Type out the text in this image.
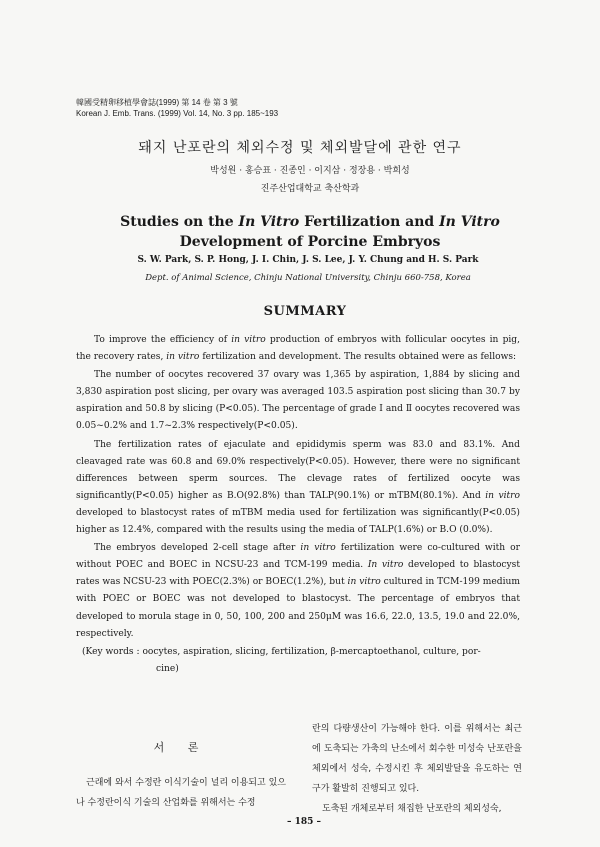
韓國受精卵移植學會誌(1999) 第 14 卷 第 3 號
Korean J. Emb. Trans. (1999) Vol. 14, No. 3 pp. 185~193
돼지 난포란의 체외수정 및 체외발달에 관한 연구
박성원 · 홍승표 · 진종인 · 이지삼 · 정장용 · 박희성
진주산업대학교 축산학과
Studies on the In Vitro Fertilization and In Vitro
Development of Porcine Embryos
S. W. Park, S. P. Hong, J. I. Chin, J. S. Lee, J. Y. Chung and H. S. Park
Dept. of Animal Science, Chinju National University, Chinju 660-758, Korea
SUMMARY

To improve the efficiency of in vitro production of embryos with follicular oocytes in pig, the recovery rates, in vitro fertilization and development. The results obtained were as fellows:

The number of oocytes recovered 37 ovary was 1,365 by aspiration, 1,884 by slicing and 3,830 aspiration post slicing, per ovary was averaged 103.5 aspiration post slicing than 30.7 by aspiration and 50.8 by slicing (P<0.05). The percentage of grade Ⅰ and Ⅱ oocytes recovered was 0.05~0.2% and 1.7~2.3% respectively(P<0.05).

The fertilization rates of ejaculate and epididymis sperm was 83.0 and 83.1%. And cleavaged rate was 60.8 and 69.0% respectively(P<0.05). However, there were no significant differences between sperm sources. The clevage rates of fertilized oocyte was significantly(P<0.05) higher as B.O(92.8%) than TALP(90.1%) or mTBM(80.1%). And in vitro developed to blastocyst rates of mTBM media used for fertilization was significantly(P<0.05) higher as 12.4%, compared with the results using the media of TALP(1.6%) or B.O (0.0%).

The embryos developed 2-cell stage after in vitro fertilization were co-cultured with or without POEC and BOEC in NCSU-23 and TCM-199 media. In vitro developed to blastocyst rates was NCSU-23 with POEC(2.3%) or BOEC(1.2%), but in vitro cultured in TCM-199 medium with POEC or BOEC was not developed to blastocyst. The percentage of embryos that developed to morula stage in 0, 50, 100, 200 and 250μM was 16.6, 22.0, 13.5, 19.0 and 22.0%, respectively.

(Key words : oocytes, aspiration, slicing, fertilization, β-mercaptoethanol, culture, por-
cine)

서 론

근래에 와서 수정란 이식기술이 널리 이용되고 있으나 수정란이식 기술의 산업화를 위해서는 수정

란의 다량생산이 가능해야 한다. 이를 위해서는 최근에 도축되는 가축의 난소에서 회수한 미성숙 난포란을 체외에서 성숙, 수정시킨 후 체외발달을 유도하는 연구가 활발히 진행되고 있다.

도축된 개체로부터 채집한 난포란의 체외성숙,

– 185 –
